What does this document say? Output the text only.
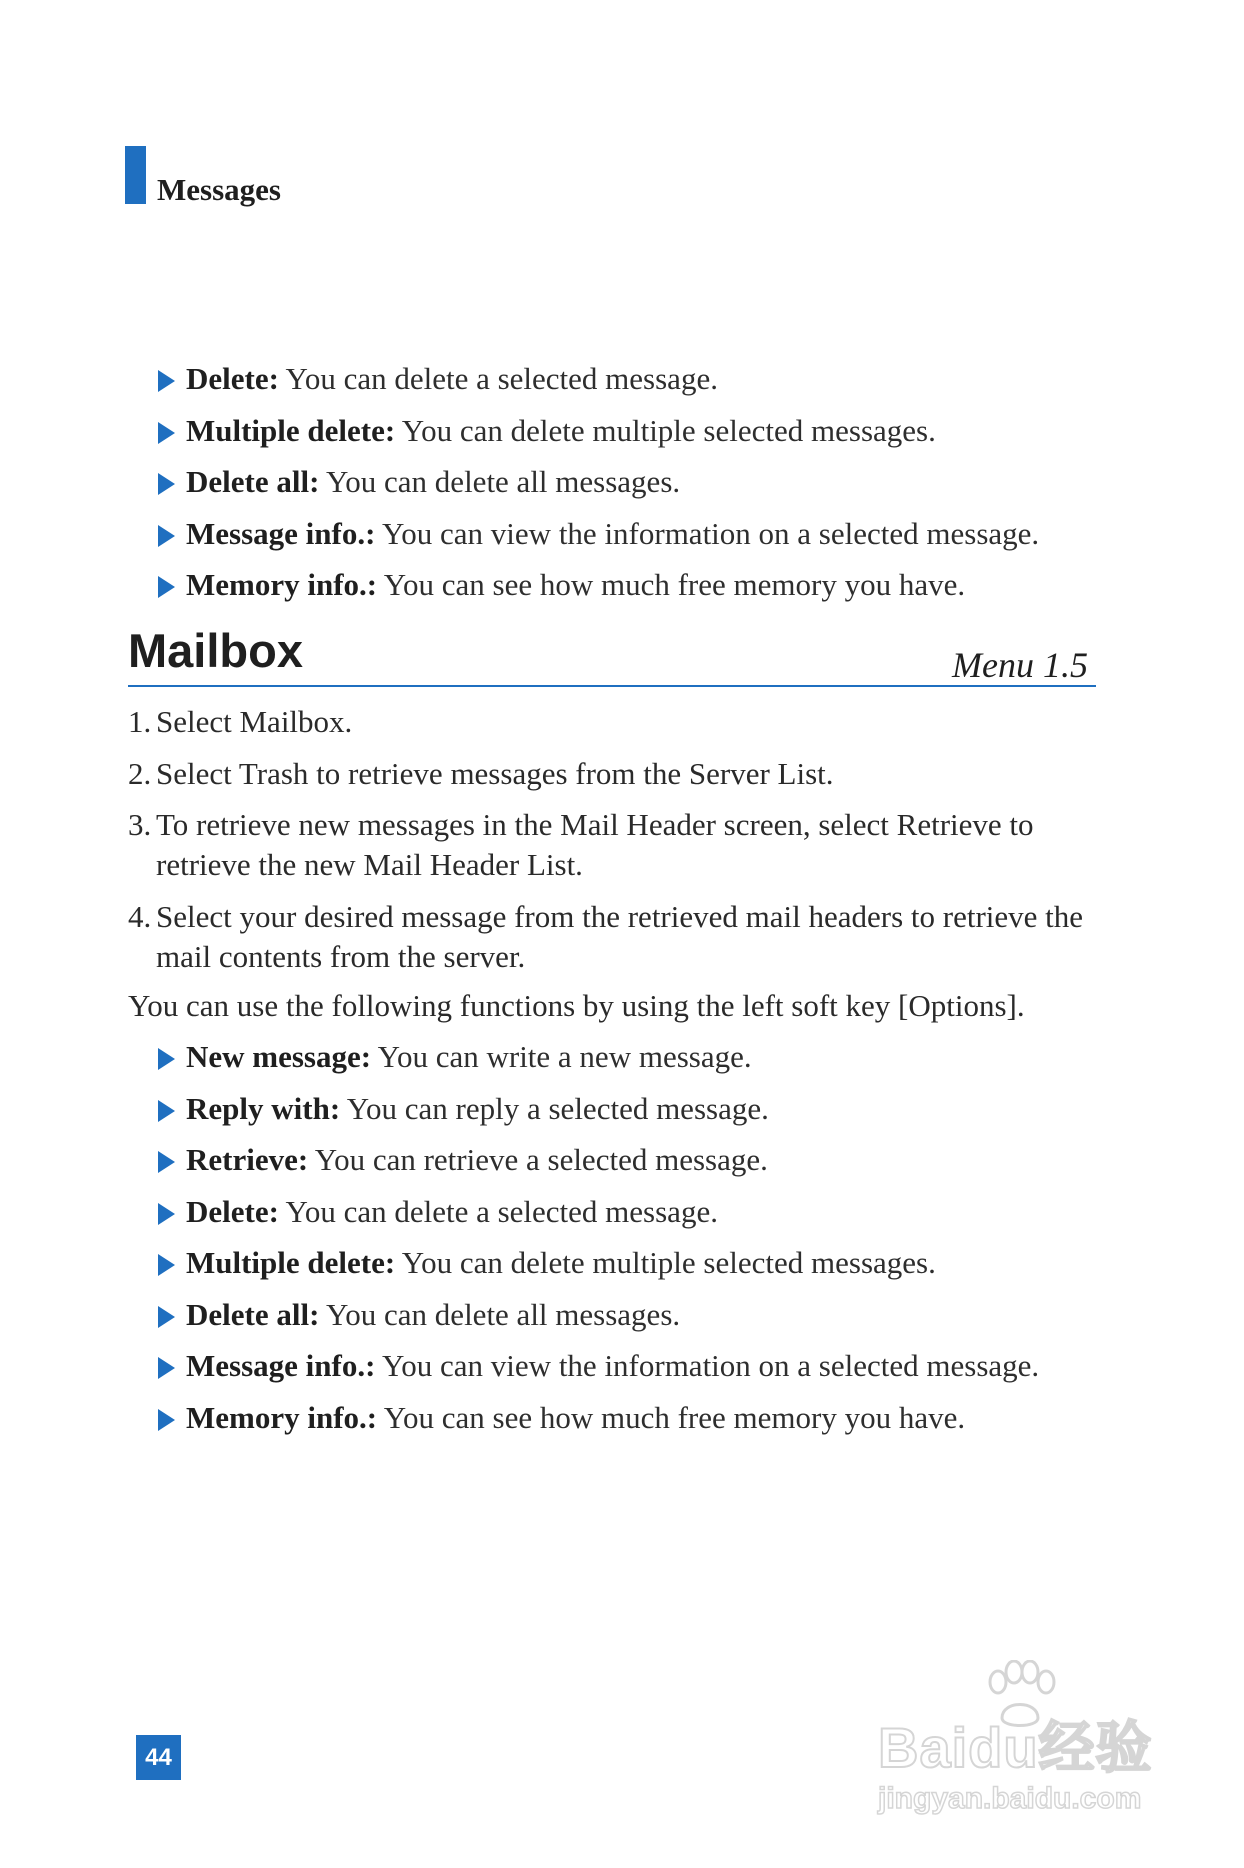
Messages
Delete: You can delete a selected message.
Multiple delete: You can delete multiple selected messages.
Delete all: You can delete all messages.
Message info.: You can view the information on a selected message.
Memory info.: You can see how much free memory you have.
Mailbox	Menu 1.5
1. Select Mailbox.
2. Select Trash to retrieve messages from the Server List.
3. To retrieve new messages in the Mail Header screen, select Retrieve to retrieve the new Mail Header List.
4. Select your desired message from the retrieved mail headers to retrieve the mail contents from the server.
You can use the following functions by using the left soft key [Options].
New message: You can write a new message.
Reply with: You can reply a selected message.
Retrieve: You can retrieve a selected message.
Delete: You can delete a selected message.
Multiple delete: You can delete multiple selected messages.
Delete all: You can delete all messages.
Message info.: You can view the information on a selected message.
Memory info.: You can see how much free memory you have.
44	Baidu经验
jingyan.baidu.com
